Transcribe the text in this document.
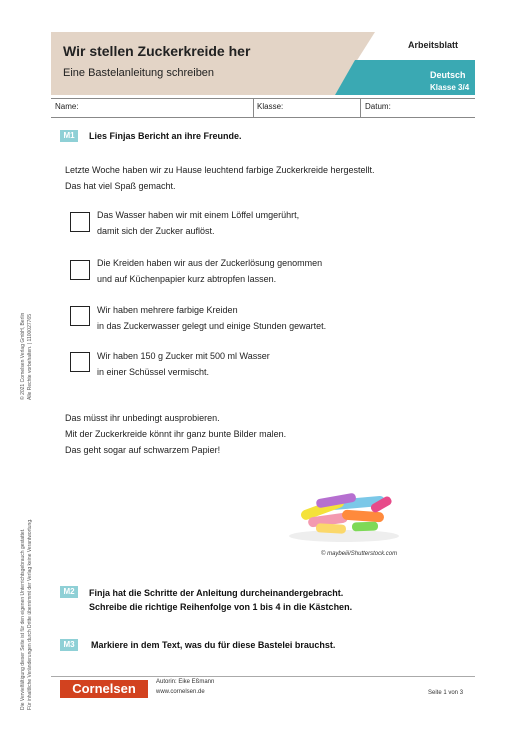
Wir stellen Zuckerkreide her
Eine Bastelanleitung schreiben
Arbeitsblatt
Deutsch
Klasse 3/4
Name:	Klasse:	Datum:
M1	Lies Finjas Bericht an ihre Freunde.
Letzte Woche haben wir zu Hause leuchtend farbige Zuckerkreide hergestellt.
Das hat viel Spaß gemacht.
Das Wasser haben wir mit einem Löffel umgerührt,
damit sich der Zucker auflöst.
Die Kreiden haben wir aus der Zuckerlösung genommen
und auf Küchenpapier kurz abtropfen lassen.
Wir haben mehrere farbige Kreiden
in das Zuckerwasser gelegt und einige Stunden gewartet.
Wir haben 150 g Zucker mit 500 ml Wasser
in einer Schüssel vermischt.
Das müsst ihr unbedingt ausprobieren.
Mit der Zuckerkreide könnt ihr ganz bunte Bilder malen.
Das geht sogar auf schwarzem Papier!
© maybeiii/Shutterstock.com
M2	Finja hat die Schritte der Anleitung durcheinandergebracht.
Schreibe die richtige Reihenfolge von 1 bis 4 in die Kästchen.
M3	Markiere in dem Text, was du für diese Bastelei brauchst.
© 2021 Cornelsen Verlag GmbH, Berlin Alle Rechte vorbehalten. | 1100027765
Die Vervielfältigung dieser Seite ist für den eigenen Unterrichtsgebrauch gestattet. Für inhaltliche Veränderungen durch Dritte übernimmt der Verlag keine Verantwortung.	Cornelsen	Autorin: Eike Eßmann
www.cornelsen.de	Seite 1 von 3
